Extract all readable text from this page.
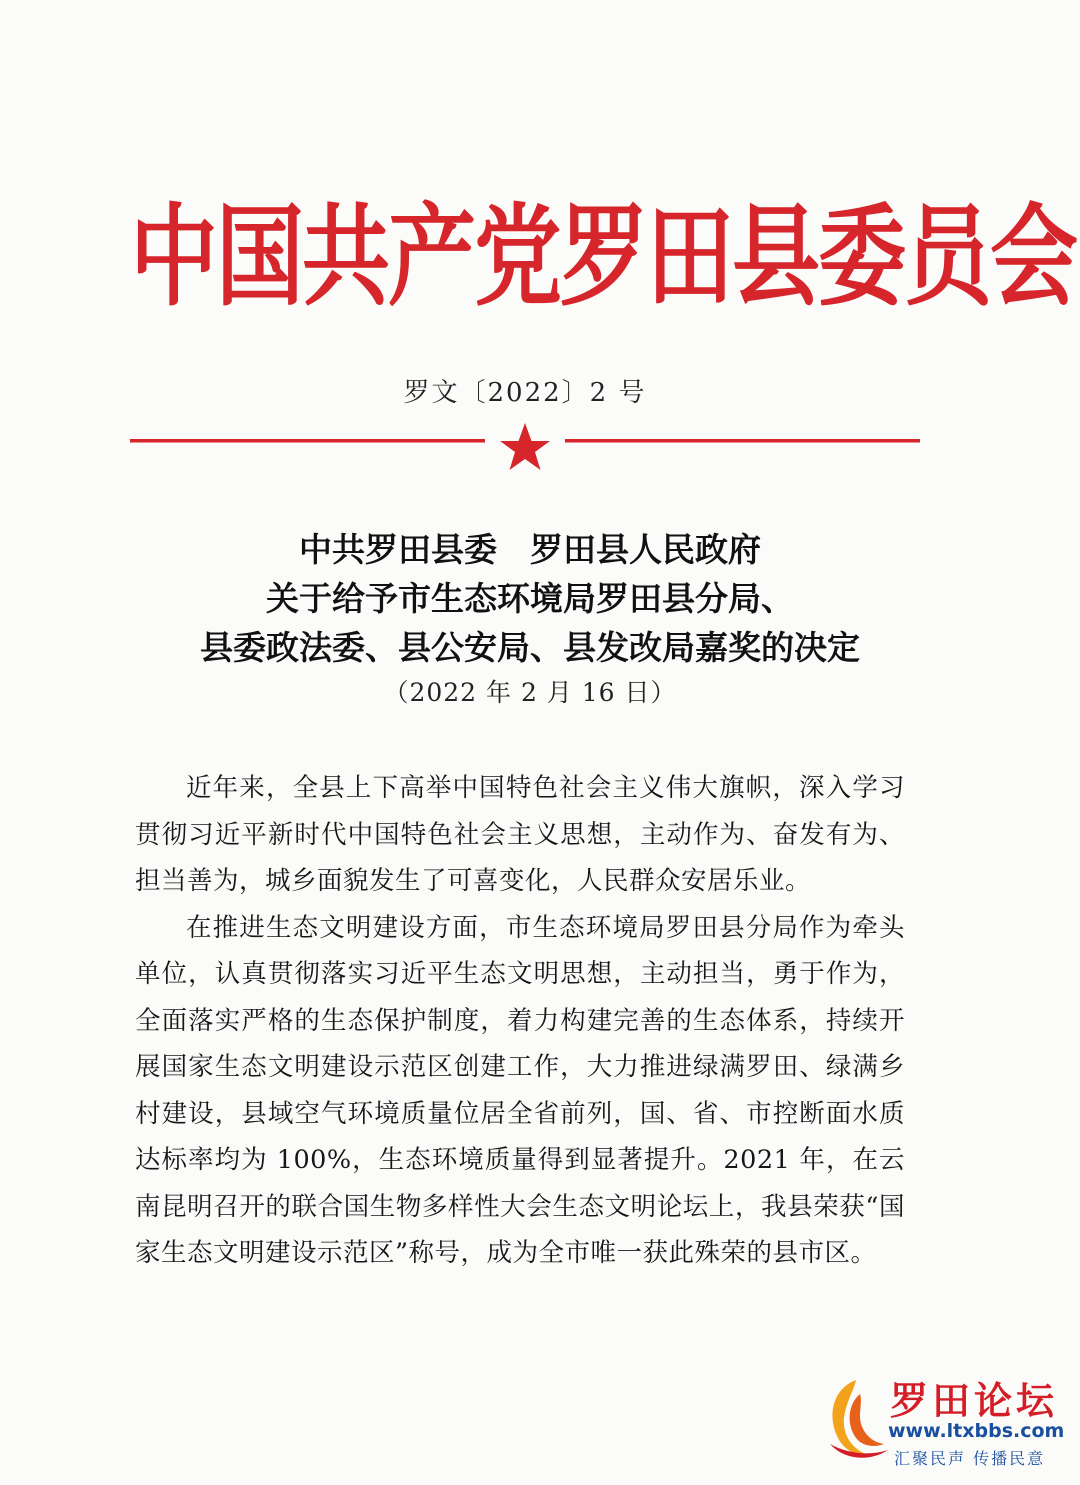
中国共产党罗田县委员会
罗文〔2022〕2 号
中共罗田县委　罗田县人民政府
关于给予市生态环境局罗田县分局、
县委政法委、县公安局、县发改局嘉奖的决定
（2022 年 2 月 16 日）

近年来，全县上下高举中国特色社会主义伟大旗帜，深入学习贯彻习近平新时代中国特色社会主义思想，主动作为、奋发有为、担当善为，城乡面貌发生了可喜变化，人民群众安居乐业。

在推进生态文明建设方面，市生态环境局罗田县分局作为牵头单位，认真贯彻落实习近平生态文明思想，主动担当，勇于作为，全面落实严格的生态保护制度，着力构建完善的生态体系，持续开展国家生态文明建设示范区创建工作，大力推进绿满罗田、绿满乡村建设，县域空气环境质量位居全省前列，国、省、市控断面水质达标率均为 100%，生态环境质量得到显著提升。2021 年，在云南昆明召开的联合国生物多样性大会生态文明论坛上，我县荣获“国家生态文明建设示范区”称号，成为全市唯一获此殊荣的县市区。

罗田论坛
www.ltxbbs.com
汇聚民声 传播民意
